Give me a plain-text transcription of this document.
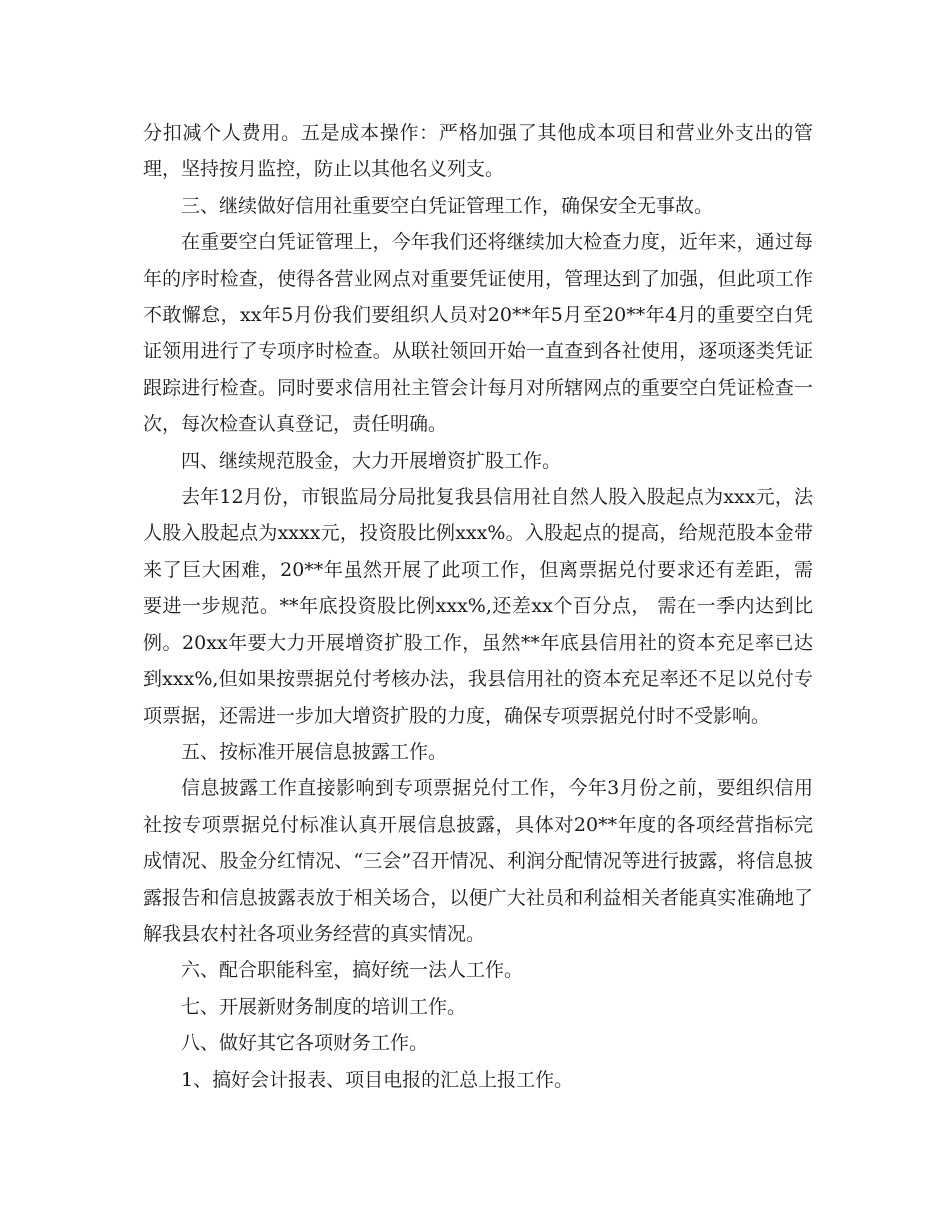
分扣减个人费用。五是成本操作：严格加强了其他成本项目和营业外支出的管理，坚持按月监控，防止以其他名义列支。

三、继续做好信用社重要空白凭证管理工作，确保安全无事故。

在重要空白凭证管理上，今年我们还将继续加大检查力度，近年来，通过每年的序时检查，使得各营业网点对重要凭证使用，管理达到了加强，但此项工作不敢懈怠，xx年5月份我们要组织人员对20**年5月至20**年4月的重要空白凭证领用进行了专项序时检查。从联社领回开始一直查到各社使用，逐项逐类凭证跟踪进行检查。同时要求信用社主管会计每月对所辖网点的重要空白凭证检查一次，每次检查认真登记，责任明确。

四、继续规范股金，大力开展增资扩股工作。

去年12月份，市银监局分局批复我县信用社自然人股入股起点为xxx元，法人股入股起点为xxxx元，投资股比例xxx%。入股起点的提高，给规范股本金带来了巨大困难，20**年虽然开展了此项工作，但离票据兑付要求还有差距，需要进一步规范。**年底投资股比例xxx%,还差xx个百分点， 需在一季内达到比例。20xx年要大力开展增资扩股工作，虽然**年底县信用社的资本充足率已达到xxx%,但如果按票据兑付考核办法，我县信用社的资本充足率还不足以兑付专项票据，还需进一步加大增资扩股的力度，确保专项票据兑付时不受影响。

五、按标准开展信息披露工作。

信息披露工作直接影响到专项票据兑付工作，今年3月份之前，要组织信用社按专项票据兑付标准认真开展信息披露，具体对20**年度的各项经营指标完成情况、股金分红情况、“三会”召开情况、利润分配情况等进行披露，将信息披露报告和信息披露表放于相关场合，以便广大社员和利益相关者能真实准确地了解我县农村社各项业务经营的真实情况。

六、配合职能科室，搞好统一法人工作。

七、开展新财务制度的培训工作。

八、做好其它各项财务工作。

1、搞好会计报表、项目电报的汇总上报工作。
